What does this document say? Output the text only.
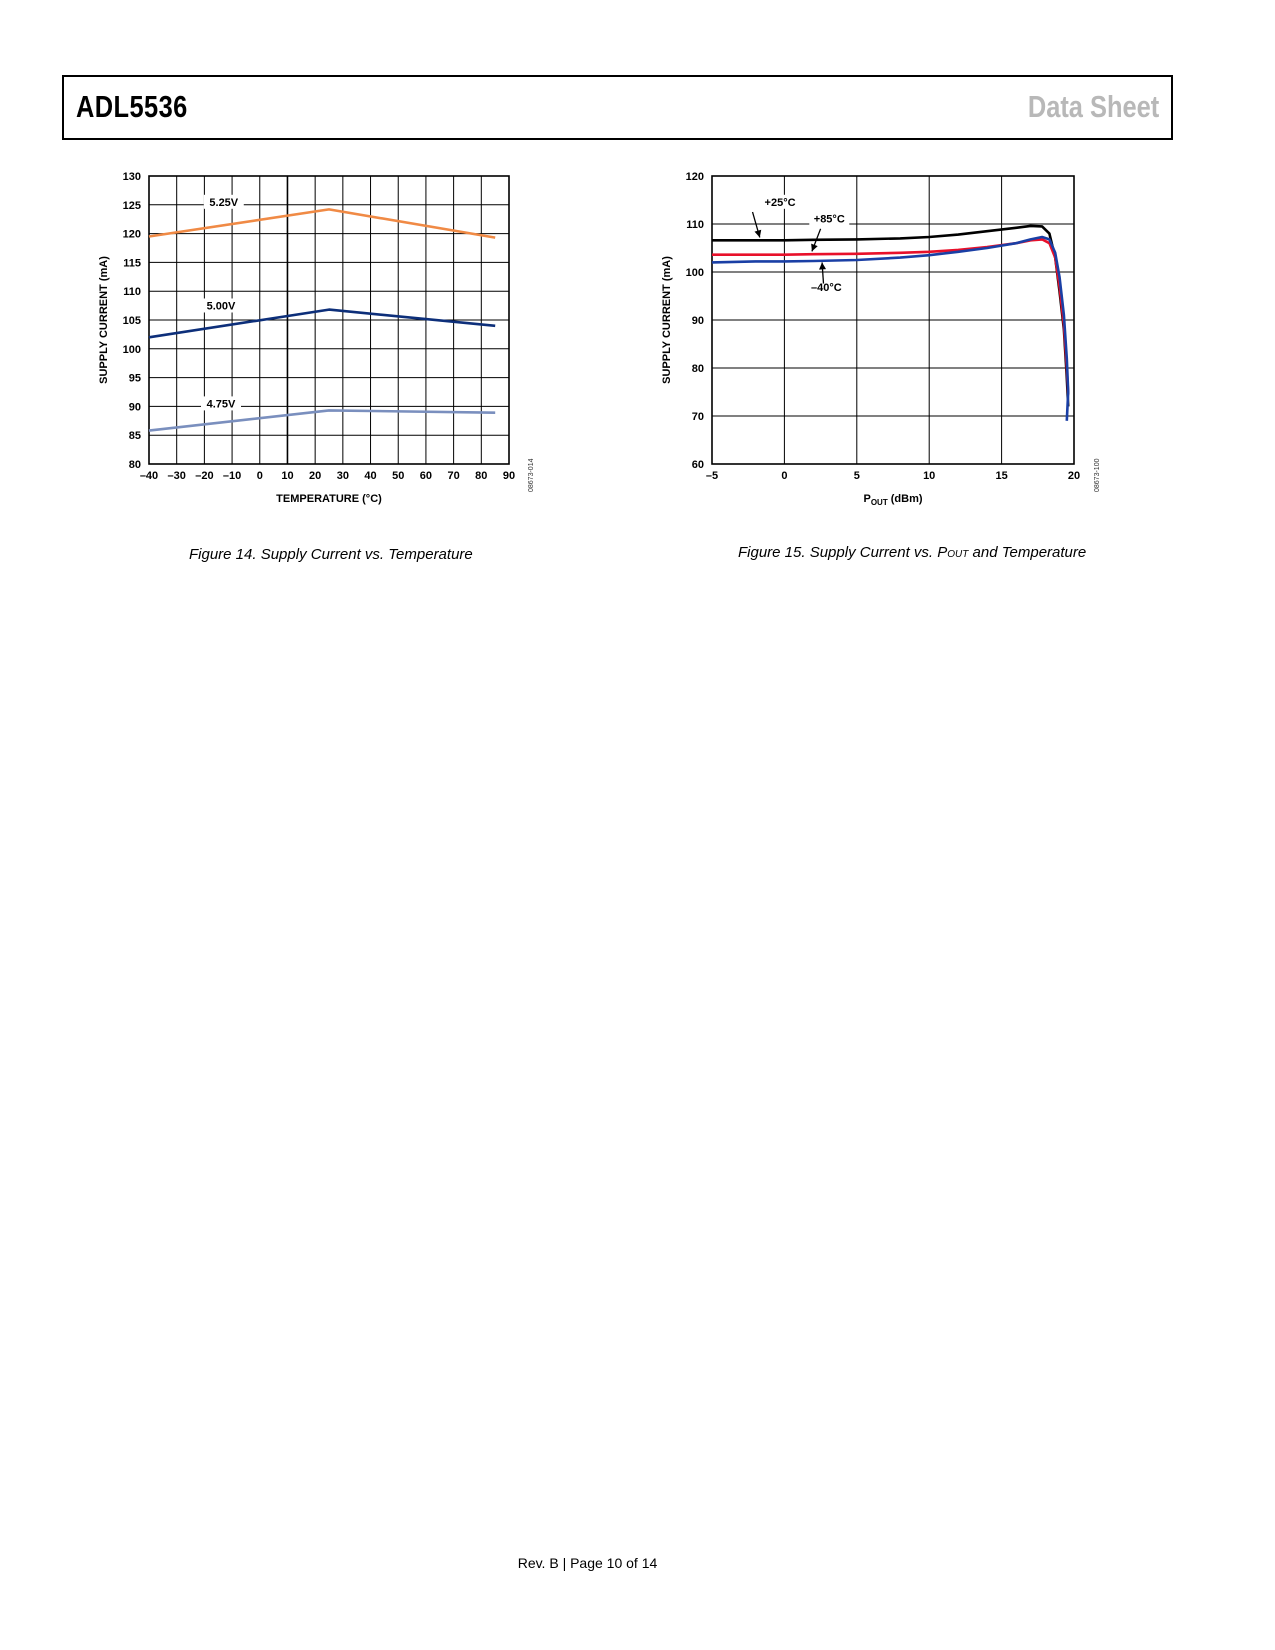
ADL5536	Data Sheet
–40 –30 –20 –10 0 10 20 30 40 50 60 70 80 90
80
85
90
95
100
105
110
115
120
125
130
SUPPLY CURRENT (mA)
TEMPERATURE (°C)
5.25V
5.00V
4.75V
08673-014
Figure 14. Supply Current vs. Temperature
–5	0	5	10	15	20
60
70
80
90
100
110
120
SUPPLY CURRENT (mA)
$P_{OUT}$ (dBm)
+25°C
+85°C
–40°C
08673-100
Figure 15. Supply Current vs. POUT and Temperature
Rev. B | Page 10 of 14
